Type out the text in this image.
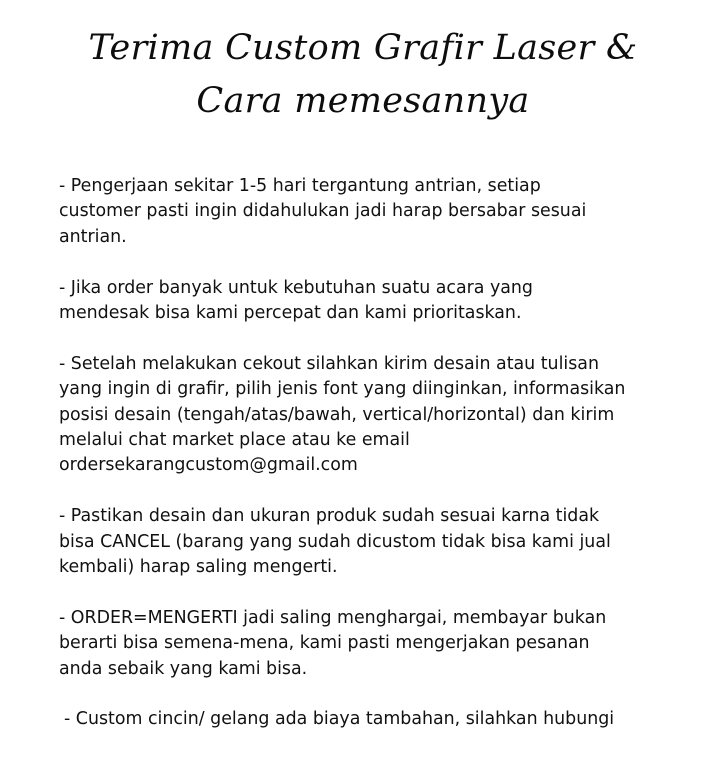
Terima Custom Grafir Laser &
Cara memesannya
- Pengerjaan sekitar 1-5 hari tergantung antrian, setiap
customer pasti ingin didahulukan jadi harap bersabar sesuai
antrian.
- Jika order banyak untuk kebutuhan suatu acara yang
mendesak bisa kami percepat dan kami prioritaskan.
- Setelah melakukan cekout silahkan kirim desain atau tulisan
yang ingin di grafir, pilih jenis font yang diinginkan, informasikan
posisi desain (tengah/atas/bawah, vertical/horizontal) dan kirim
melalui chat market place atau ke email
ordersekarangcustom@gmail.com
- Pastikan desain dan ukuran produk sudah sesuai karna tidak
bisa CANCEL (barang yang sudah dicustom tidak bisa kami jual
kembali) harap saling mengerti.
- ORDER=MENGERTI jadi saling menghargai, membayar bukan
berarti bisa semena-mena, kami pasti mengerjakan pesanan
anda sebaik yang kami bisa.
- Custom cincin/ gelang ada biaya tambahan, silahkan hubungi
